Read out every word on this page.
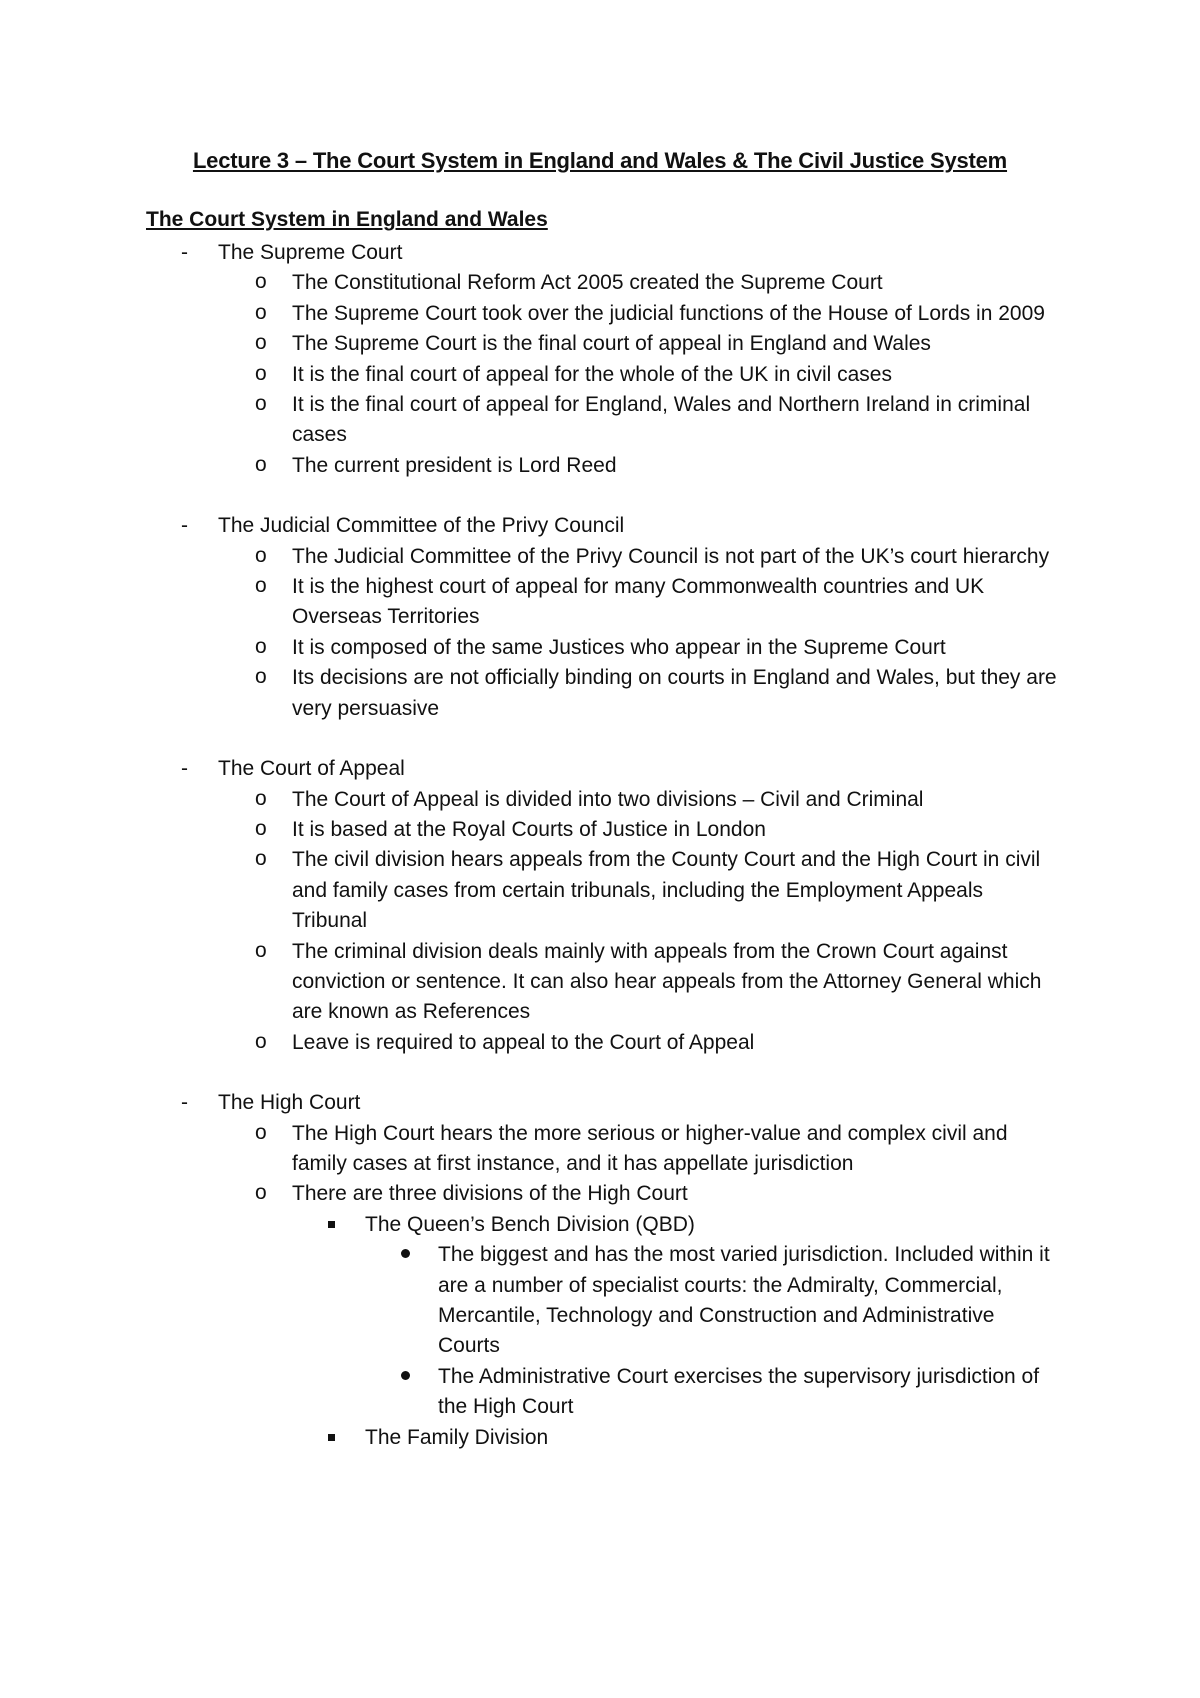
Lecture 3 – The Court System in England and Wales & The Civil Justice System
The Court System in England and Wales
-	The Supreme Court
o	The Constitutional Reform Act 2005 created the Supreme Court
o	The Supreme Court took over the judicial functions of the House of Lords in 2009
o	The Supreme Court is the final court of appeal in England and Wales
o	It is the final court of appeal for the whole of the UK in civil cases
o	It is the final court of appeal for England, Wales and Northern Ireland in criminal cases
o	The current president is Lord Reed
-	The Judicial Committee of the Privy Council
o	The Judicial Committee of the Privy Council is not part of the UK’s court hierarchy
o	It is the highest court of appeal for many Commonwealth countries and UK Overseas Territories
o	It is composed of the same Justices who appear in the Supreme Court
o	Its decisions are not officially binding on courts in England and Wales, but they are very persuasive
-	The Court of Appeal
o	The Court of Appeal is divided into two divisions – Civil and Criminal
o	It is based at the Royal Courts of Justice in London
o	The civil division hears appeals from the County Court and the High Court in civil and family cases from certain tribunals, including the Employment Appeals Tribunal
o	The criminal division deals mainly with appeals from the Crown Court against conviction or sentence. It can also hear appeals from the Attorney General which are known as References
o	Leave is required to appeal to the Court of Appeal
-	The High Court
o	The High Court hears the more serious or higher-value and complex civil and family cases at first instance, and it has appellate jurisdiction
o	There are three divisions of the High Court
The Queen’s Bench Division (QBD)
The biggest and has the most varied jurisdiction. Included within it are a number of specialist courts: the Admiralty, Commercial, Mercantile, Technology and Construction and Administrative Courts
The Administrative Court exercises the supervisory jurisdiction of the High Court
The Family Division
